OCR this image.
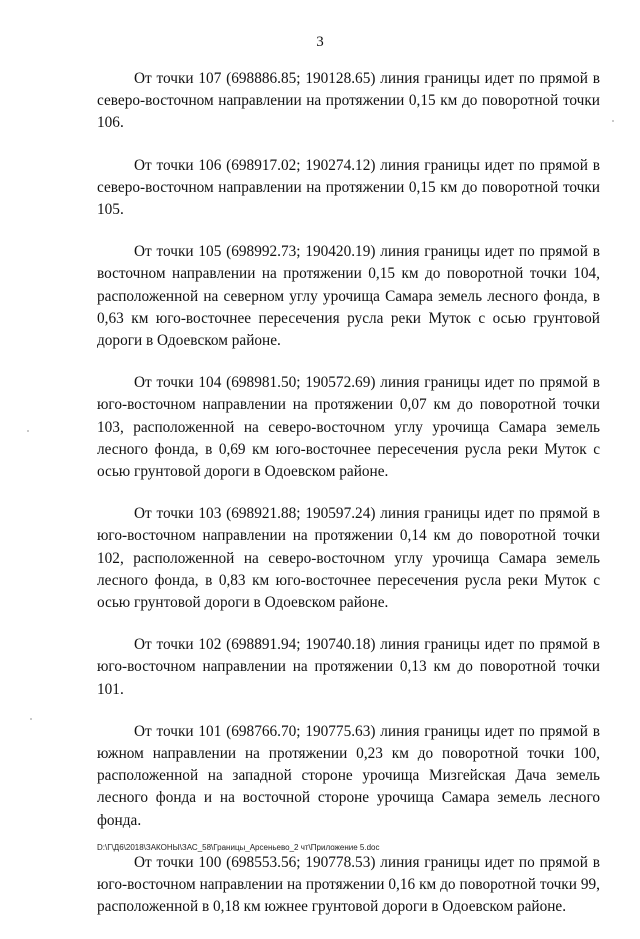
3

От точки 107 (698886.85; 190128.65) линия границы идет по прямой в северо-восточном направлении на протяжении 0,15 км до поворотной точки 106.

От точки 106 (698917.02; 190274.12) линия границы идет по прямой в северо-восточном направлении на протяжении 0,15 км до поворотной точки 105.

От точки 105 (698992.73; 190420.19) линия границы идет по прямой в восточном направлении на протяжении 0,15 км до поворотной точки 104, расположенной на северном углу урочища Самара земель лесного фонда, в 0,63 км юго-восточнее пересечения русла реки Муток с осью грунтовой дороги в Одоевском районе.

От точки 104 (698981.50; 190572.69) линия границы идет по прямой в юго-восточном направлении на протяжении 0,07 км до поворотной точки 103, расположенной на северо-восточном углу урочища Самара земель лесного фонда, в 0,69 км юго-восточнее пересечения русла реки Муток с осью грунтовой дороги в Одоевском районе.

От точки 103 (698921.88; 190597.24) линия границы идет по прямой в юго-восточном направлении на протяжении 0,14 км до поворотной точки 102, расположенной на северо-восточном углу урочища Самара земель лесного фонда, в 0,83 км юго-восточнее пересечения русла реки Муток с осью грунтовой дороги в Одоевском районе.

От точки 102 (698891.94; 190740.18) линия границы идет по прямой в юго-восточном направлении на протяжении 0,13 км до поворотной точки 101.

От точки 101 (698766.70; 190775.63) линия границы идет по прямой в южном направлении на протяжении 0,23 км до поворотной точки 100, расположенной на западной стороне урочища Мизгейская Дача земель лесного фонда и на восточной стороне урочища Самара земель лесного фонда.

От точки 100 (698553.56; 190778.53) линия границы идет по прямой в юго-восточном направлении на протяжении 0,16 км до поворотной точки 99, расположенной в 0,18 км южнее грунтовой дороги в Одоевском районе.

D:\Г\Д6\2018\ЗАКОНЫ\ЗАС_58\Границы_Арсеньево_2 чт\Приложение 5.doc
